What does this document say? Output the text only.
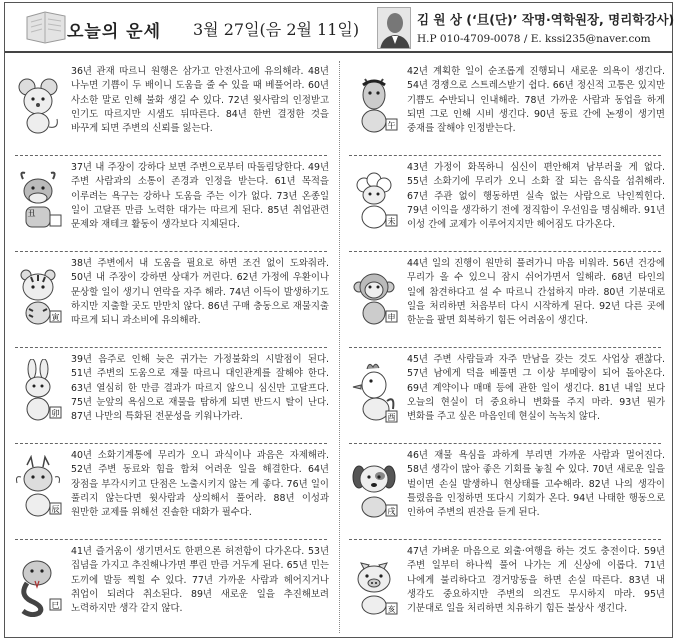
오늘의 운세 3월 27일(음 2월 11일)
김 원 상 (‘旦(단)’ 작명·역학원장, 명리학강사)
H.P 010-4709-0078 / E. kssi235@naver.com
36년 관재 따르니 원행은 삼가고 안전사고에 유의해라. 48년 나누면 기쁨이 두 배이니 도움을 줄 수 있을 때 베풀어라. 60년 사소한 말로 인해 불화 생길 수 있다. 72년 윗사람의 인정받고 인기도 따르지만 시샘도 뒤따른다. 84년 한번 결정한 것을 바꾸게 되면 주변의 신뢰를 잃는다.
丑
37년 내 주장이 강하다 보면 주변으로부터 따돌림당한다. 49년 주변 사람과의 소통이 존경과 인정을 받는다. 61년 목적을 이루려는 욕구는 강하나 도움을 주는 이가 없다. 73년 온종일 일이 고달픈 만큼 노력한 대가는 따르게 된다. 85년 취업관련 문제와 재테크 활동이 생각보다 지체된다.
寅
38년 주변에서 내 도움을 필요로 하면 조건 없이 도와줘라. 50년 내 주장이 강하면 상대가 꺼린다. 62년 가정에 우환이나 문상할 일이 생기니 연락을 자주 해라. 74년 이득이 발생하기도 하지만 지출할 곳도 만만치 않다. 86년 구매 충동으로 재물지출 따르게 되니 과소비에 유의해라.
卯
39년 음주로 인해 늦은 귀가는 가정불화의 시발점이 된다. 51년 주변의 도움으로 재물 따르니 대인관계를 잘해야 한다. 63년 열심히 한 만큼 결과가 따르지 않으니 심신만 고달프다. 75년 눈앞의 욕심으로 재물을 탐하게 되면 반드시 탈이 난다. 87년 나만의 특화된 전문성을 키워나가라.
辰
40년 소화기계통에 무리가 오니 과식이나 과음은 자제해라. 52년 주변 동료와 힘을 합쳐 어려운 일을 해결한다. 64년 장점을 부각시키고 단점은 노출시키지 않는 게 좋다. 76년 일이 풀리지 않는다면 윗사람과 상의해서 풀어라. 88년 이성과 원만한 교제를 위해선 진솔한 대화가 필수다.
巳
41년 즐거움이 생기면서도 한편으론 허전함이 다가온다. 53년 집념을 가지고 추진해나가면 뿌린 만큼 거두게 된다. 65년 민는 도끼에 발등 찍힐 수 있다. 77년 가까운 사람과 헤어지거나 취업이 되려다 취소된다. 89년 새로운 일을 추진해보려 노력하지만 생각 같지 않다.
午
42년 계획한 일이 순조롭게 진행되니 새로운 의욕이 생긴다. 54년 경쟁으로 스트레스받기 쉽다. 66년 정신적 고통은 있지만 기쁨도 수반되니 인내해라. 78년 가까운 사람과 동업을 하게 되면 그로 인해 시비 생긴다. 90년 동료 간에 논쟁이 생기면 중재를 잘해야 인정받는다.
未
43년 가정이 화목하니 심신이 편안해져 남부러울 게 없다. 55년 소화기에 무리가 오니 소화 잘 되는 음식을 섭취해라. 67년 주관 없이 행동하면 실속 없는 사람으로 낙인찍힌다. 79년 이익을 생각하기 전에 정직함이 우선임을 명심해라. 91년 이성 간에 교제가 이루어지지만 헤어짐도 다가온다.
申
44년 일의 진행이 원만히 풀려가니 마음 비워라. 56년 건강에 무리가 올 수 있으니 잠시 쉬어가면서 일해라. 68년 타인의 일에 참견하다고 설 수 따르니 간섭하지 마라. 80년 기분대로 일을 처리하면 처음부터 다시 시작하게 된다. 92년 다른 곳에 한눈을 팔면 회복하기 힘든 어려움이 생긴다.
酉
45년 주변 사람들과 자주 만남을 갖는 것도 사업상 괜찮다. 57년 남에게 덕을 베풀면 그 이상 부메랑이 되어 돌아온다. 69년 계약이나 매매 등에 관한 일이 생긴다. 81년 내일 보다 오늘의 현실이 더 중요하니 변화를 주지 마라. 93년 뭔가 변화를 주고 싶은 마음인데 현실이 녹녹치 않다.
戌
46년 재물 욕심을 과하게 부리면 가까운 사람과 멀어진다. 58년 생각이 많아 좋은 기회를 놓칠 수 있다. 70년 새로운 일을 벌이면 손실 발생하니 현상태를 고수해라. 82년 나의 생각이 틀렸음을 인정하면 또다시 기회가 온다. 94년 나태한 행동으로 인하여 주변의 핀잔을 듣게 된다.
亥
47년 가벼운 마음으로 외출·여행을 하는 것도 충전이다. 59년 주변 일부터 하나씩 풀어 나가는 게 신상에 이롭다. 71년 나에게 불리하다고 경거망동을 하면 손실 따른다. 83년 내 생각도 중요하지만 주변의 의견도 무시하지 마라. 95년 기분대로 일을 처리하면 치유하기 힘든 불상사 생긴다.
